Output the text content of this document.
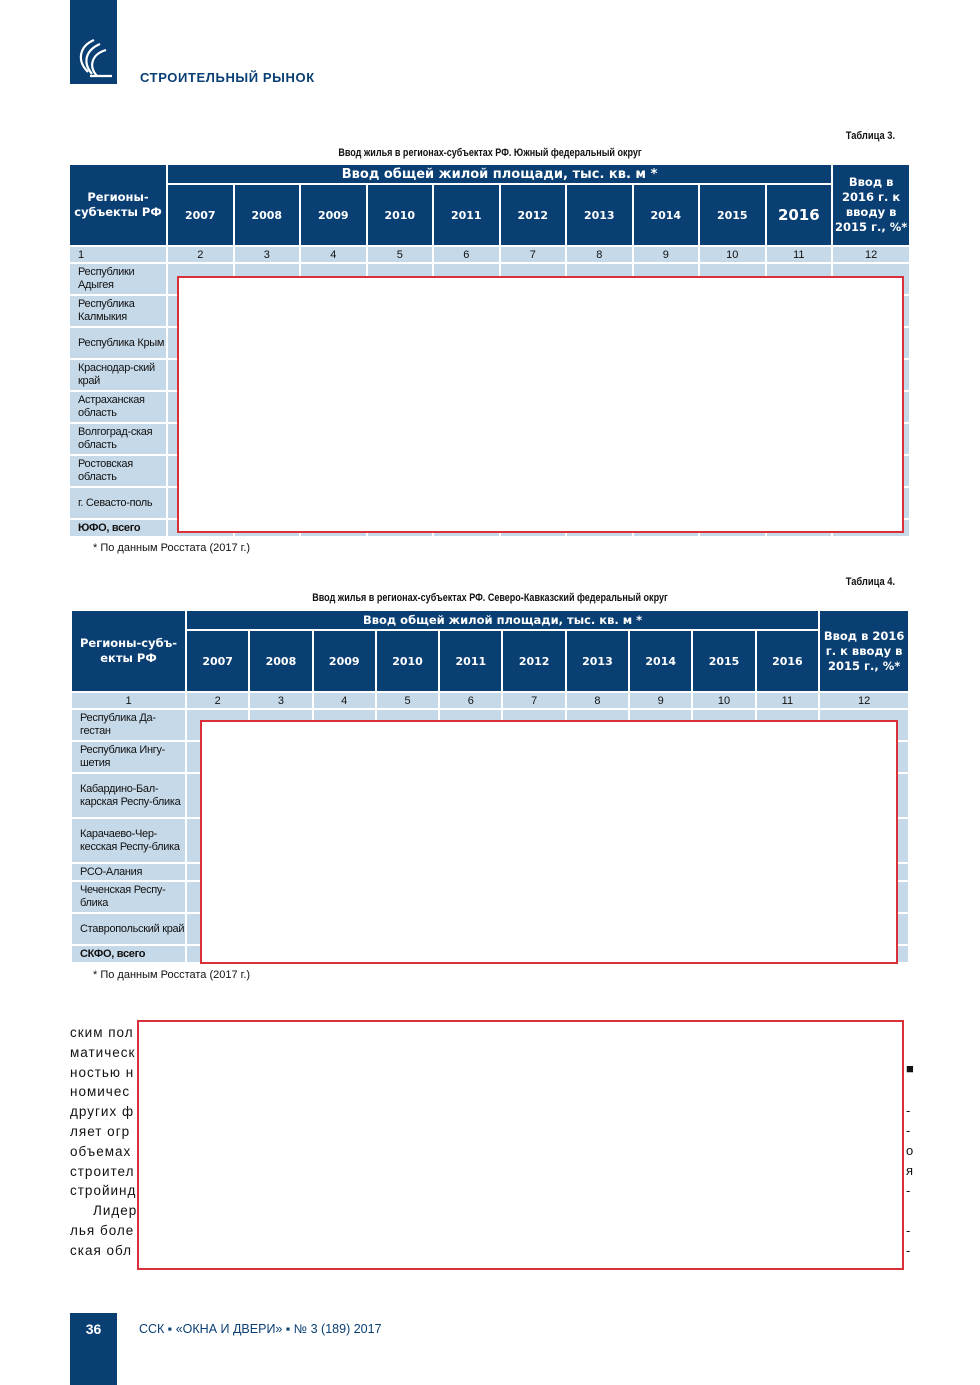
СТРОИТЕЛЬНЫЙ РЫНОК
Таблица 3.
Ввод жилья в регионах-субъектах РФ. Южный федеральный округ
Регионы-субъекты РФ	Ввод общей жилой площади, тыс. кв. м *										Ввод в 2016 г. к вводу в 2015 г., %*
	2007	2008	2009	2010	2011	2012	2013	2014	2015	2016	
1	2	3	4	5	6	7	8	9	10	11	12
Республики Адыгея											
Республика Калмыкия											
Республика Крым											
Краснодар-ский край											
Астраханская область											
Волгоград-ская область											
Ростовская область											
г. Севасто-поль											
ЮФО, всего											
* По данным Росстата (2017 г.)
Таблица 4.
Ввод жилья в регионах-субъектах РФ. Северо-Кавказский федеральный округ
Регионы-субъ-екты РФ	Ввод общей жилой площади, тыс. кв. м *										Ввод в 2016 г. к вводу в 2015 г., %*
	2007	2008	2009	2010	2011	2012	2013	2014	2015	2016	
1	2	3	4	5	6	7	8	9	10	11	12
Республика Да-гестан											
Республика Ингу-шетия											
Кабардино-Бал-карская Респу-блика											
Карачаево-Чер-кесская Респу-блика											
РСО-Алания											
Чеченская Респу-блика											
Ставропольский край											
СКФО, всего											
* По данным Росстата (2017 г.)
ским пол
матическ
ностью н
номичес
других ф
ляет огр
объемах
строител
стройинд
Лидер
лья боле
ская обл
■
-
-
о
я
-
-
-
36	ССК ▪ «ОКНА И ДВЕРИ» ▪ № 3 (189) 2017
